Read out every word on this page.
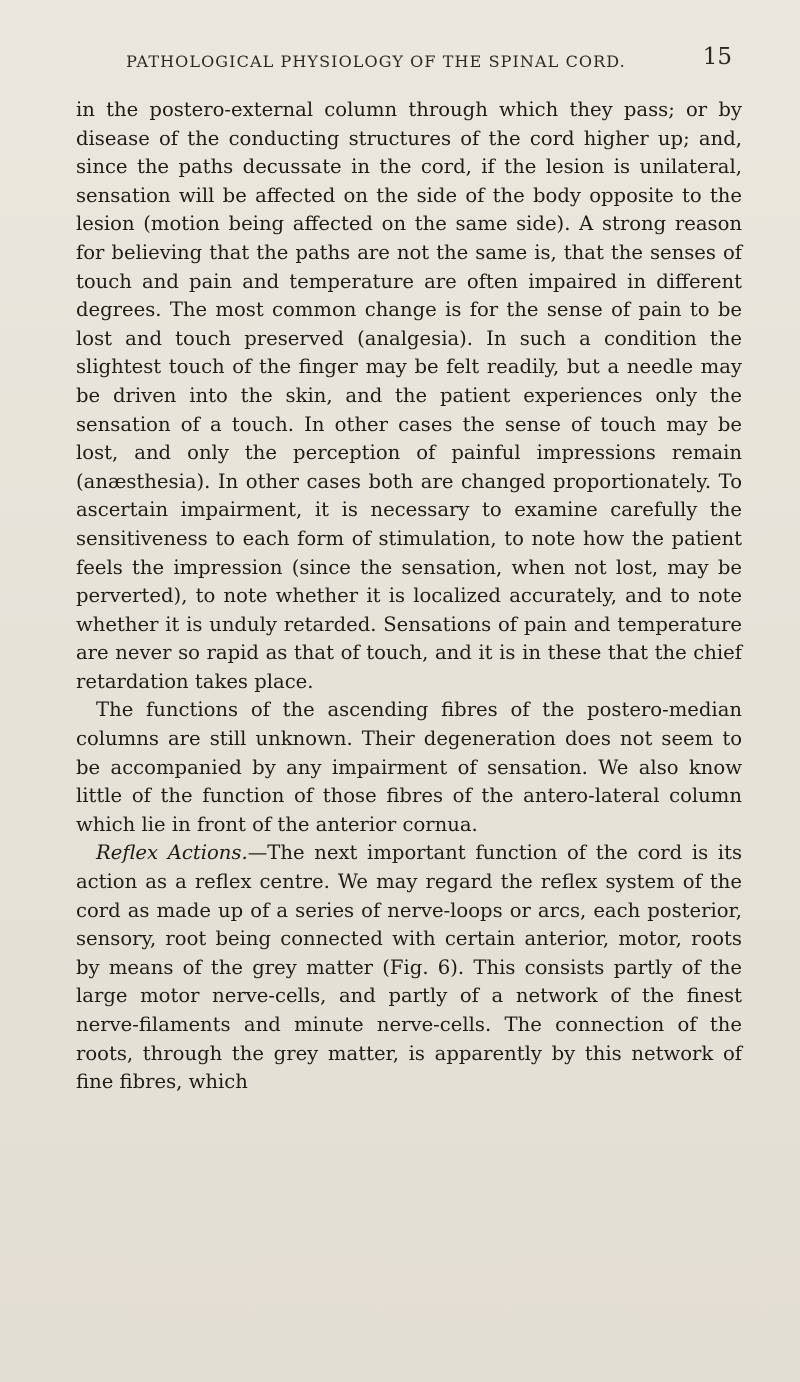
PATHOLOGICAL PHYSIOLOGY OF THE SPINAL CORD.	15

in the postero-external column through which they pass; or by disease of the conducting structures of the cord higher up; and, since the paths decussate in the cord, if the lesion is unilateral, sensation will be affected on the side of the body opposite to the lesion (motion being affected on the same side). A strong reason for believing that the paths are not the same is, that the senses of touch and pain and temperature are often impaired in different degrees. The most common change is for the sense of pain to be lost and touch preserved (analgesia). In such a condition the slightest touch of the finger may be felt readily, but a needle may be driven into the skin, and the patient experiences only the sensation of a touch. In other cases the sense of touch may be lost, and only the perception of painful impressions remain (anæsthesia). In other cases both are changed proportionately. To ascertain impairment, it is necessary to examine carefully the sensitiveness to each form of stimulation, to note how the patient feels the impression (since the sensation, when not lost, may be perverted), to note whether it is localized accurately, and to note whether it is unduly retarded. Sensations of pain and temperature are never so rapid as that of touch, and it is in these that the chief retardation takes place.

The functions of the ascending fibres of the postero-median columns are still unknown. Their degeneration does not seem to be accompanied by any impairment of sensation. We also know little of the function of those fibres of the antero-lateral column which lie in front of the anterior cornua.

Reflex Actions.—The next important function of the cord is its action as a reflex centre. We may regard the reflex system of the cord as made up of a series of nerve-loops or arcs, each posterior, sensory, root being connected with certain anterior, motor, roots by means of the grey matter (Fig. 6). This consists partly of the large motor nerve-cells, and partly of a network of the finest nerve-filaments and minute nerve-cells. The connection of the roots, through the grey matter, is apparently by this network of fine fibres, which
